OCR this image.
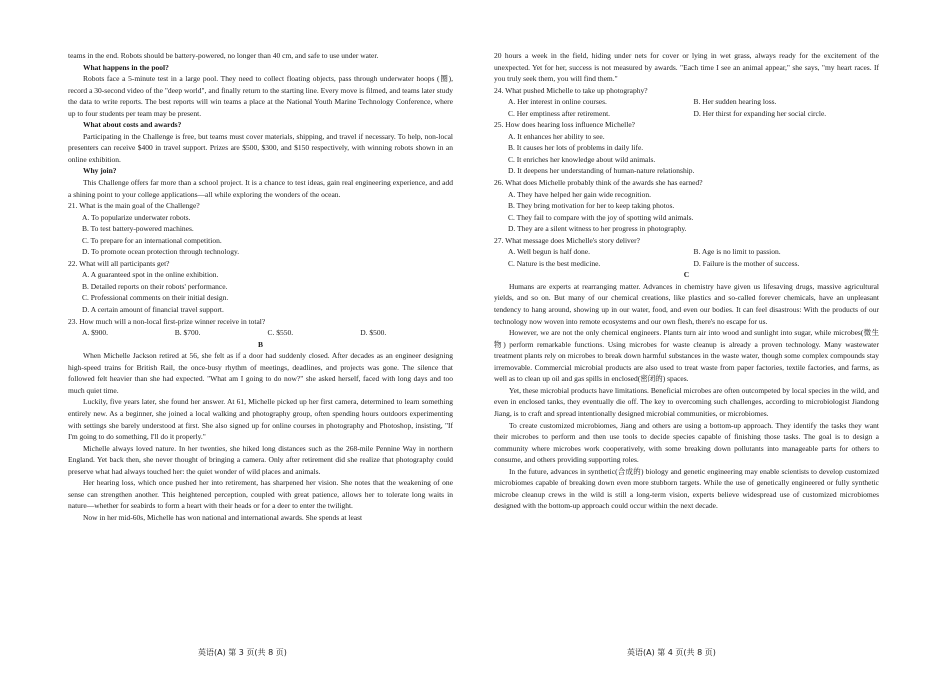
teams in the end. Robots should be battery-powered, no longer than 40 cm, and safe to use under water.

What happens in the pool?

Robots face a 5-minute test in a large pool. They need to collect floating objects, pass through underwater hoops (圈), record a 30-second video of the "deep world", and finally return to the starting line. Every move is filmed, and teams later study the data to write reports. The best reports will win teams a place at the National Youth Marine Technology Conference, where up to four students per team may be present.

What about costs and awards?

Participating in the Challenge is free, but teams must cover materials, shipping, and travel if necessary. To help, non-local presenters can receive $400 in travel support. Prizes are $500, $300, and $150 respectively, with winning robots shown in an online exhibition.

Why join?

This Challenge offers far more than a school project. It is a chance to test ideas, gain real engineering experience, and add a shining point to your college applications—all while exploring the wonders of the ocean.

21. What is the main goal of the Challenge?

A. To popularize underwater robots.

B. To test battery-powered machines.

C. To prepare for an international competition.

D. To promote ocean protection through technology.

22. What will all participants get?

A. A guaranteed spot in the online exhibition.

B. Detailed reports on their robots' performance.

C. Professional comments on their initial design.

D. A certain amount of financial travel support.

23. How much will a non-local first-prize winner receive in total?

A. $900.	B. $700.	C. $550.	D. $500.

B

When Michelle Jackson retired at 56, she felt as if a door had suddenly closed. After decades as an engineer designing high-speed trains for British Rail, the once-busy rhythm of meetings, deadlines, and projects was gone. The silence that followed felt heavier than she had expected. "What am I going to do now?" she asked herself, faced with long days and too much quiet time.

Luckily, five years later, she found her answer. At 61, Michelle picked up her first camera, determined to learn something entirely new. As a beginner, she joined a local walking and photography group, often spending hours outdoors experimenting with settings she barely understood at first. She also signed up for online courses in photography and Photoshop, insisting, "If I'm going to do something, I'll do it properly."

Michelle always loved nature. In her twenties, she hiked long distances such as the 268-mile Pennine Way in northern England. Yet back then, she never thought of bringing a camera. Only after retirement did she realize that photography could preserve what had always touched her: the quiet wonder of wild places and animals.

Her hearing loss, which once pushed her into retirement, has sharpened her vision. She notes that the weakening of one sense can strengthen another. This heightened perception, coupled with great patience, allows her to tolerate long waits in nature—whether for seabirds to form a heart with their heads or for a deer to enter the twilight.

Now in her mid-60s, Michelle has won national and international awards. She spends at least

20 hours a week in the field, hiding under nets for cover or lying in wet grass, always ready for the excitement of the unexpected. Yet for her, success is not measured by awards. "Each time I see an animal appear," she says, "my heart races. If you truly seek them, you will find them."

24. What pushed Michelle to take up photography?

A. Her interest in online courses.	B. Her sudden hearing loss.
C. Her emptiness after retirement.	D. Her thirst for expanding her social circle.

25. How does hearing loss influence Michelle?

A. It enhances her ability to see.

B. It causes her lots of problems in daily life.

C. It enriches her knowledge about wild animals.

D. It deepens her understanding of human-nature relationship.

26. What does Michelle probably think of the awards she has earned?

A. They have helped her gain wide recognition.

B. They bring motivation for her to keep taking photos.

C. They fail to compare with the joy of spotting wild animals.

D. They are a silent witness to her progress in photography.

27. What message does Michelle's story deliver?

A. Well begun is half done.	B. Age is no limit to passion.
C. Nature is the best medicine.	D. Failure is the mother of success.

C

Humans are experts at rearranging matter. Advances in chemistry have given us lifesaving drugs, massive agricultural yields, and so on. But many of our chemical creations, like plastics and so-called forever chemicals, have an unpleasant tendency to hang around, showing up in our water, food, and even our bodies. It can feel disastrous: With the products of our technology now woven into remote ecosystems and our own flesh, there's no escape for us.

However, we are not the only chemical engineers. Plants turn air into wood and sunlight into sugar, while microbes(微生物) perform remarkable functions. Using microbes for waste cleanup is already a proven technology. Many wastewater treatment plants rely on microbes to break down harmful substances in the waste water, though some complex compounds stay irremovable. Commercial microbial products are also used to treat waste from paper factories, textile factories, and farms, as well as to clean up oil and gas spills in enclosed(密闭的) spaces.

Yet, these microbial products have limitations. Beneficial microbes are often outcompeted by local species in the wild, and even in enclosed tanks, they eventually die off. The key to overcoming such challenges, according to microbiologist Jiandong Jiang, is to craft and spread intentionally designed microbial communities, or microbiomes.

To create customized microbiomes, Jiang and others are using a bottom-up approach. They identify the tasks they want their microbes to perform and then use tools to decide species capable of finishing those tasks. The goal is to design a community where microbes work cooperatively, with some breaking down pollutants into manageable parts for others to consume, and others providing supporting roles.

In the future, advances in synthetic(合成的) biology and genetic engineering may enable scientists to develop customized microbiomes capable of breaking down even more stubborn targets. While the use of genetically engineered or fully synthetic microbe cleanup crews in the wild is still a long-term vision, experts believe widespread use of customized microbiomes designed with the bottom-up approach could occur within the next decade.

英语(A) 第 3 页(共 8 页)	英语(A) 第 4 页(共 8 页)
